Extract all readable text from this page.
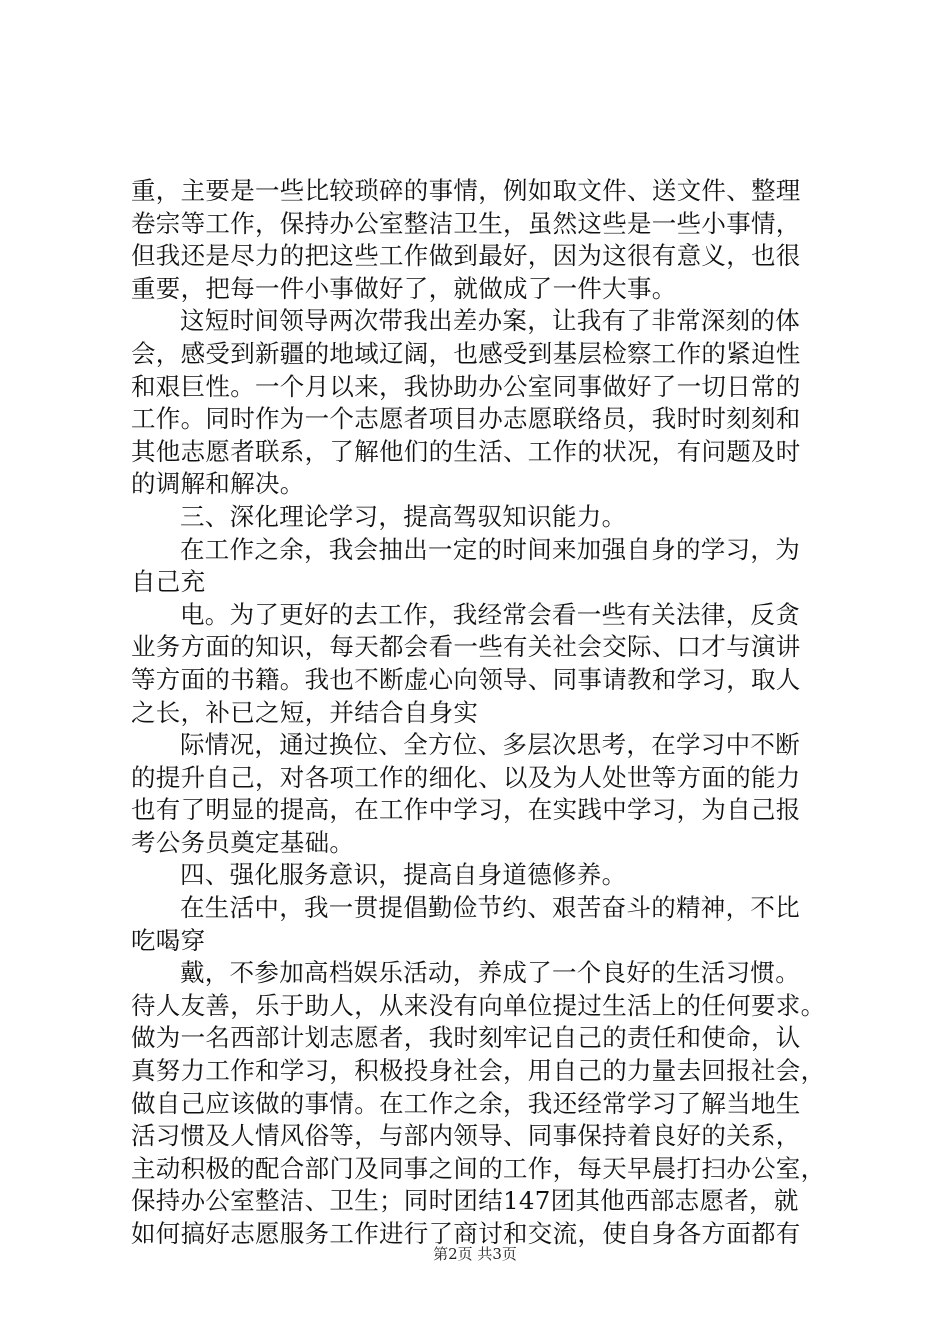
重，主要是一些比较琐碎的事情，例如取文件、送文件、整理
卷宗等工作，保持办公室整洁卫生，虽然这些是一些小事情，
但我还是尽力的把这些工作做到最好，因为这很有意义，也很
重要，把每一件小事做好了，就做成了一件大事。
这短时间领导两次带我出差办案，让我有了非常深刻的体
会，感受到新疆的地域辽阔，也感受到基层检察工作的紧迫性
和艰巨性。一个月以来，我协助办公室同事做好了一切日常的
工作。同时作为一个志愿者项目办志愿联络员，我时时刻刻和
其他志愿者联系，了解他们的生活、工作的状况，有问题及时
的调解和解决。
三、深化理论学习，提高驾驭知识能力。
在工作之余，我会抽出一定的时间来加强自身的学习，为
自己充
电。为了更好的去工作，我经常会看一些有关法律，反贪
业务方面的知识，每天都会看一些有关社会交际、口才与演讲
等方面的书籍。我也不断虚心向领导、同事请教和学习，取人
之长，补已之短，并结合自身实
际情况，通过换位、全方位、多层次思考，在学习中不断
的提升自己，对各项工作的细化、以及为人处世等方面的能力
也有了明显的提高，在工作中学习，在实践中学习，为自己报
考公务员奠定基础。
四、强化服务意识，提高自身道德修养。
在生活中，我一贯提倡勤俭节约、艰苦奋斗的精神，不比
吃喝穿
戴，不参加高档娱乐活动，养成了一个良好的生活习惯。
待人友善，乐于助人，从来没有向单位提过生活上的任何要求。
做为一名西部计划志愿者，我时刻牢记自己的责任和使命，认
真努力工作和学习，积极投身社会，用自己的力量去回报社会，
做自己应该做的事情。在工作之余，我还经常学习了解当地生
活习惯及人情风俗等，与部内领导、同事保持着良好的关系，
主动积极的配合部门及同事之间的工作，每天早晨打扫办公室，
保持办公室整洁、卫生；同时团结147团其他西部志愿者，就
如何搞好志愿服务工作进行了商讨和交流，使自身各方面都有
第2页 共3页
